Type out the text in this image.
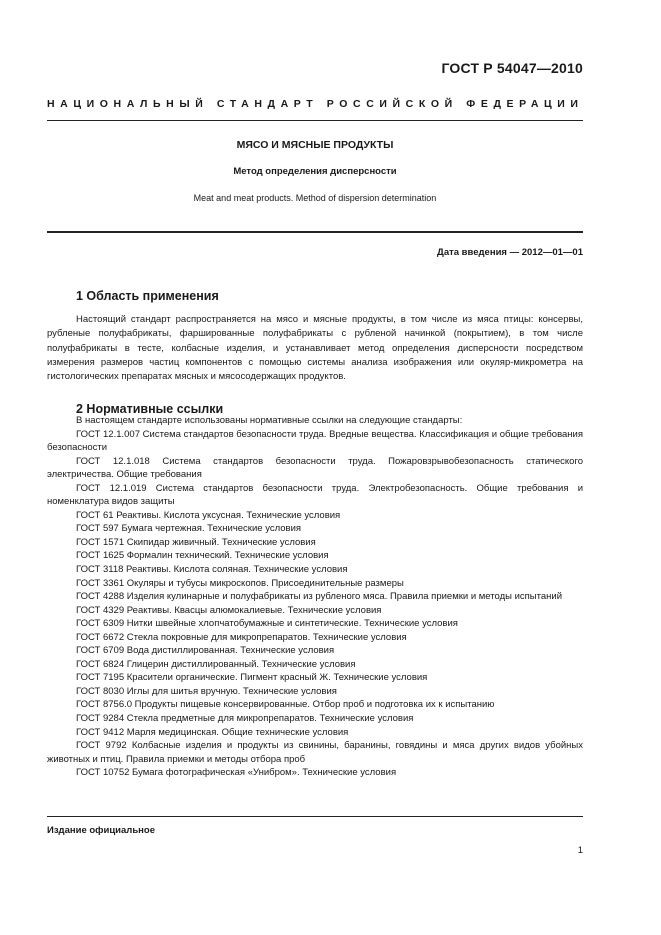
ГОСТ Р 54047—2010
НАЦИОНАЛЬНЫЙ СТАНДАРТ РОССИЙСКОЙ ФЕДЕРАЦИИ
МЯСО И МЯСНЫЕ ПРОДУКТЫ
Метод определения дисперсности
Meat and meat products. Method of dispersion determination
Дата введения — 2012—01—01
1 Область применения

Настоящий стандарт распространяется на мясо и мясные продукты, в том числе из мяса птицы: консервы, рубленые полуфабрикаты, фаршированные полуфабрикаты с рубленой начинкой (покрытием), в том числе полуфабрикаты в тесте, колбасные изделия, и устанавливает метод определения дисперсности посредством измерения размеров частиц компонентов с помощью системы анализа изображения или окуляр-микрометра на гистологических препаратах мясных и мясосодержащих продуктов.

2 Нормативные ссылки
В настоящем стандарте использованы нормативные ссылки на следующие стандарты:
ГОСТ 12.1.007 Система стандартов безопасности труда. Вредные вещества. Классификация и общие требования безопасности
ГОСТ 12.1.018 Система стандартов безопасности труда. Пожаровзрывобезопасность статического электричества. Общие требования
ГОСТ 12.1.019 Система стандартов безопасности труда. Электробезопасность. Общие требования и номенклатура видов защиты
ГОСТ 61 Реактивы. Кислота уксусная. Технические условия
ГОСТ 597 Бумага чертежная. Технические условия
ГОСТ 1571 Скипидар живичный. Технические условия
ГОСТ 1625 Формалин технический. Технические условия
ГОСТ 3118 Реактивы. Кислота соляная. Технические условия
ГОСТ 3361 Окуляры и тубусы микроскопов. Присоединительные размеры
ГОСТ 4288 Изделия кулинарные и полуфабрикаты из рубленого мяса. Правила приемки и методы испытаний
ГОСТ 4329 Реактивы. Квасцы алюмокалиевые. Технические условия
ГОСТ 6309 Нитки швейные хлопчатобумажные и синтетические. Технические условия
ГОСТ 6672 Стекла покровные для микропрепаратов. Технические условия
ГОСТ 6709 Вода дистиллированная. Технические условия
ГОСТ 6824 Глицерин дистиллированный. Технические условия
ГОСТ 7195 Красители органические. Пигмент красный Ж. Технические условия
ГОСТ 8030 Иглы для шитья вручную. Технические условия
ГОСТ 8756.0 Продукты пищевые консервированные. Отбор проб и подготовка их к испытанию
ГОСТ 9284 Стекла предметные для микропрепаратов. Технические условия
ГОСТ 9412 Марля медицинская. Общие технические условия
ГОСТ 9792 Колбасные изделия и продукты из свинины, баранины, говядины и мяса других видов убойных животных и птиц. Правила приемки и методы отбора проб
ГОСТ 10752 Бумага фотографическая «Унибром». Технические условия
Издание официальное
1
